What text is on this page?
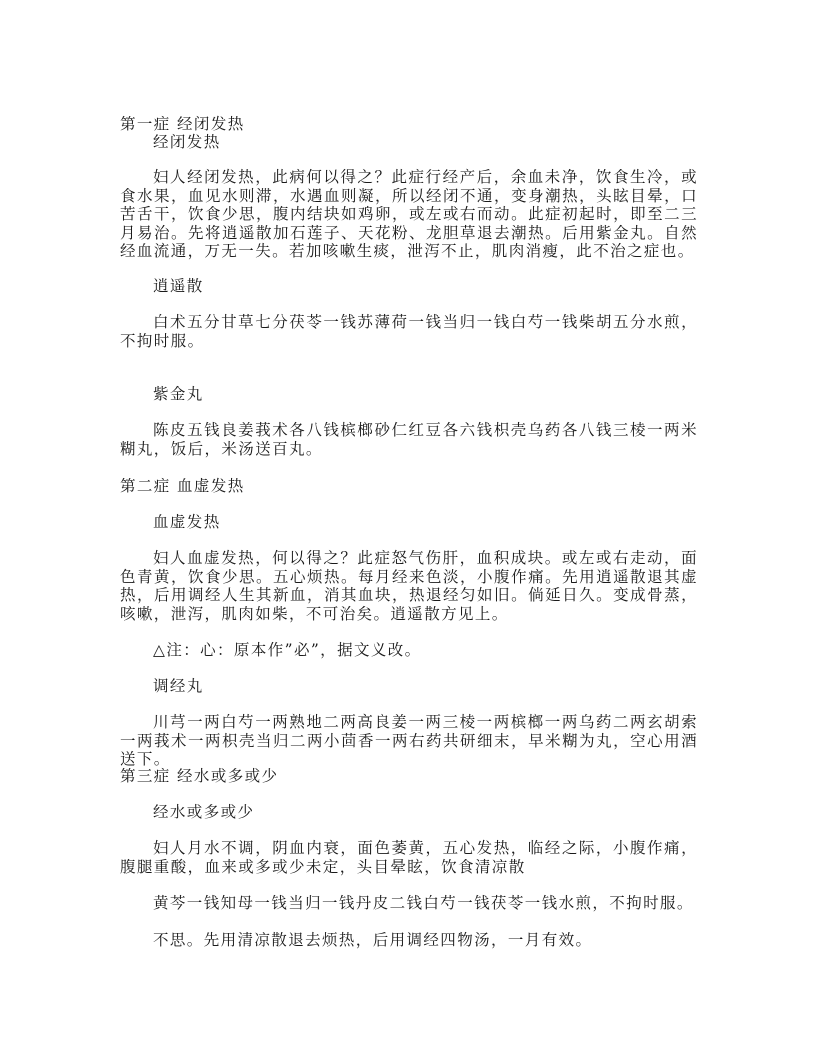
第一症 经闭发热

经闭发热

妇人经闭发热，此病何以得之？此症行经产后，余血未净，饮食生冷，或食水果，血见水则滞，水遇血则凝，所以经闭不通，变身潮热，头眩目晕，口苦舌干，饮食少思，腹内结块如鸡卵，或左或右而动。此症初起时，即至二三月易治。先将逍遥散加石莲子、天花粉、龙胆草退去潮热。后用紫金丸。自然经血流通，万无一失。若加咳嗽生痰，泄泻不止，肌肉消瘦，此不治之症也。

逍遥散

白术五分甘草七分茯苓一钱苏薄荷一钱当归一钱白芍一钱柴胡五分水煎，不拘时服。

紫金丸

陈皮五钱良姜莪术各八钱槟榔砂仁红豆各六钱枳壳乌药各八钱三棱一两米糊丸，饭后，米汤送百丸。

第二症 血虚发热

血虚发热

妇人血虚发热，何以得之？此症怒气伤肝，血积成块。或左或右走动，面色青黄，饮食少思。五心烦热。每月经来色淡，小腹作痛。先用逍遥散退其虚热，后用调经人生其新血，消其血块，热退经匀如旧。倘延日久。变成骨蒸，咳嗽，泄泻，肌肉如柴，不可治矣。逍遥散方见上。

△注：心：原本作”必”，据文义改。

调经丸

川芎一两白芍一两熟地二两高良姜一两三棱一两槟榔一两乌药二两玄胡索一两莪术一两枳壳当归二两小茴香一两右药共研细末，早米糊为丸，空心用酒送下。

第三症 经水或多或少

经水或多或少

妇人月水不调，阴血内衰，面色萎黄，五心发热，临经之际，小腹作痛，腹腿重酸，血来或多或少未定，头目晕眩，饮食清凉散

黄芩一钱知母一钱当归一钱丹皮二钱白芍一钱茯苓一钱水煎，不拘时服。

不思。先用清凉散退去烦热，后用调经四物汤，一月有效。
